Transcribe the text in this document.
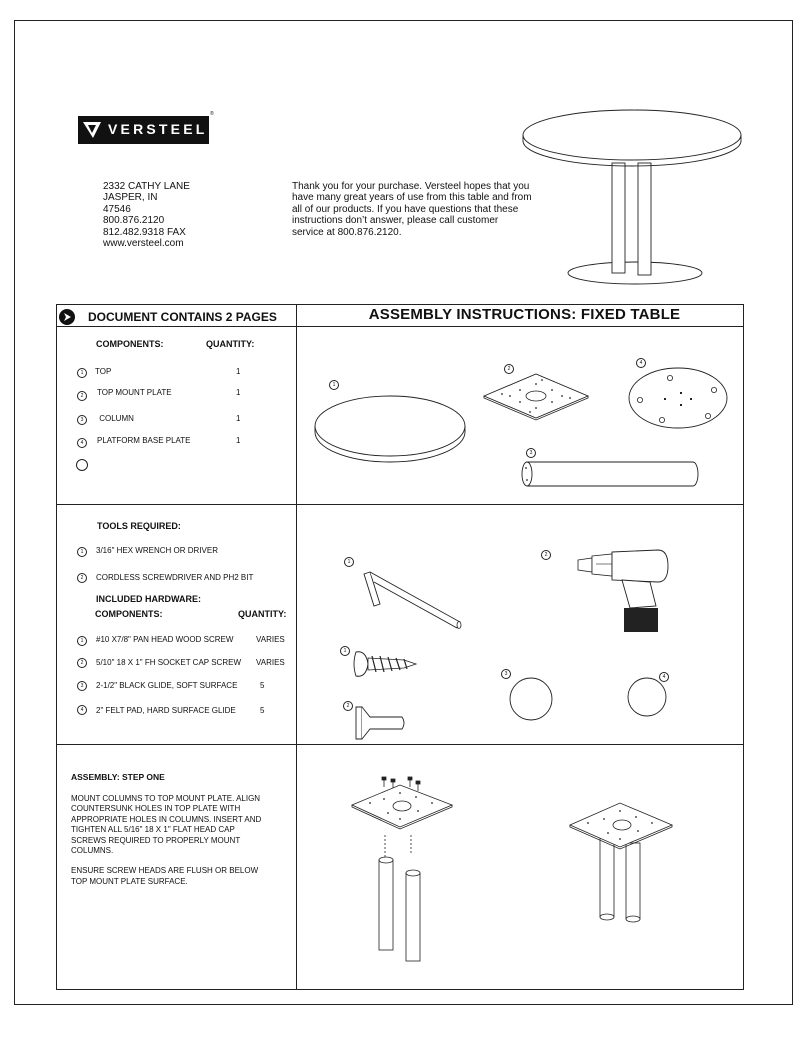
VERSTEEL
®
2332 CATHY LANE
JASPER, IN
47546
800.876.2120
812.482.9318 FAX
www.versteel.com
Thank you for your purchase. Versteel hopes that you have many great years of use from this table and from all of our products. If you have questions that these instructions don’t answer, please call customer service at 800.876.2120.
DOCUMENT CONTAINS 2 PAGES	ASSEMBLY INSTRUCTIONS: FIXED TABLE
COMPONENTS:	QUANTITY:
1	TOP	1
2	TOP MOUNT PLATE	1
3	COLUMN	1
4	PLATFORM BASE PLATE	1
1
2
4
3
TOOLS REQUIRED:
1	3/16" HEX WRENCH OR DRIVER
2	CORDLESS SCREWDRIVER AND PH2 BIT
INCLUDED HARDWARE:
COMPONENTS:	QUANTITY:
1	#10 X7/8" PAN HEAD WOOD SCREW	VARIES
2	5/10" 18 X 1" FH SOCKET CAP SCREW VARIES
3	2-1/2" BLACK GLIDE, SOFT SURFACE	5
4	2" FELT PAD, HARD SURFACE GLIDE	5
1
2
1
2
3	4
ASSEMBLY: STEP ONE

MOUNT COLUMNS TO TOP MOUNT PLATE. ALIGN COUNTERSUNK HOLES IN TOP PLATE WITH APPROPRIATE HOLES IN COLUMNS. INSERT AND TIGHTEN ALL 5/16" 18 X 1" FLAT HEAD CAP SCREWS REQUIRED TO PROPERLY MOUNT COLUMNS.

ENSURE SCREW HEADS ARE FLUSH OR BELOW TOP MOUNT PLATE SURFACE.
